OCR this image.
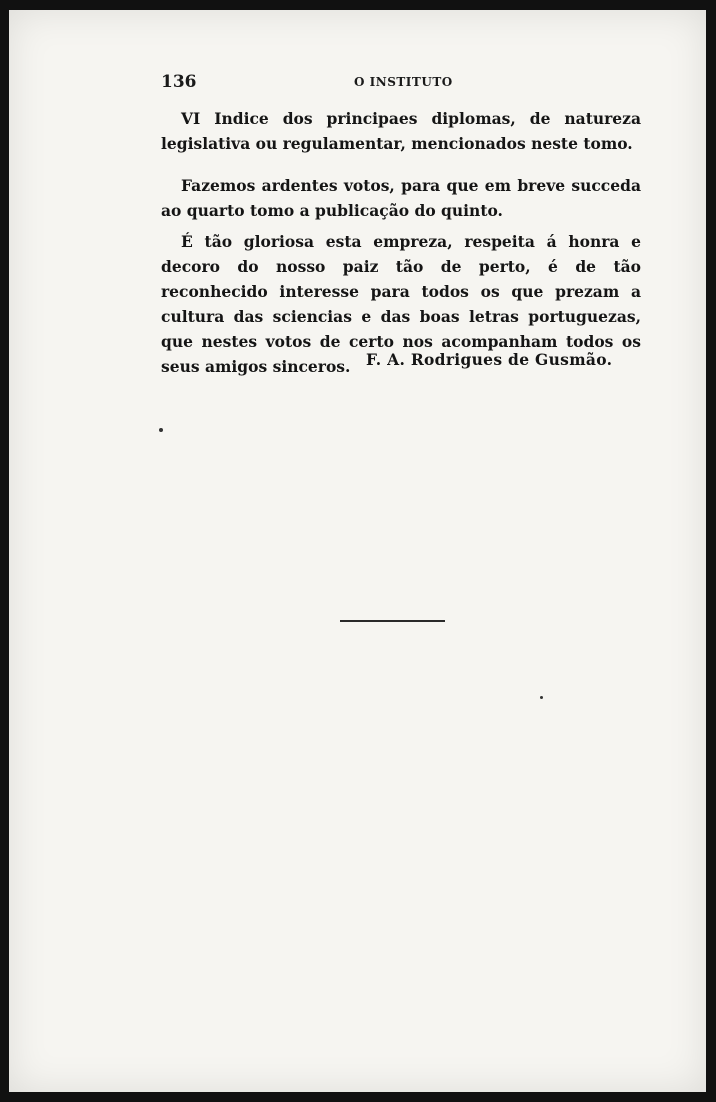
136	O INSTITUTO

VI Indice dos principaes diplomas, de natureza legislativa ou regulamentar, mencionados neste tomo.

Fazemos ardentes votos, para que em breve succeda ao quarto tomo a publicação do quinto.

É tão gloriosa esta empreza, respeita á honra e decoro do nosso paiz tão de perto, é de tão reconhecido interesse para todos os que prezam a cultura das sciencias e das boas letras portuguezas, que nestes votos de certo nos acompanham todos os seus amigos sinceros.	F. A. Rodrigues de Gusmão.
